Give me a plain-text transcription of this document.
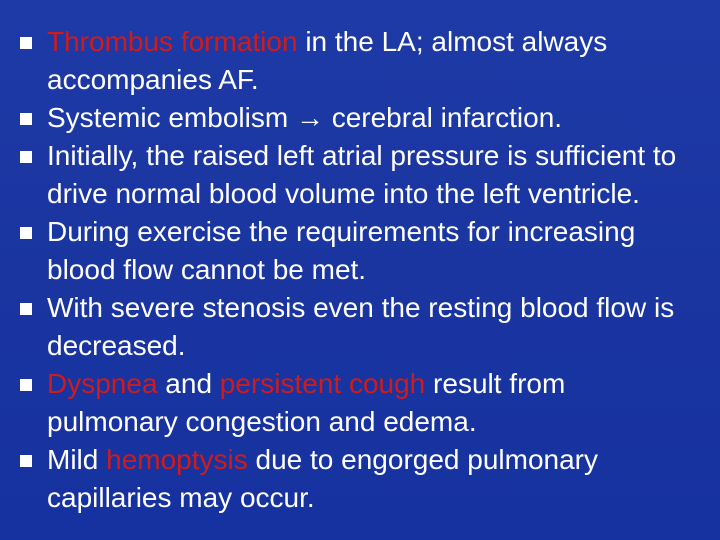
Thrombus formation in the LA; almost always accompanies AF.
Systemic embolism → cerebral infarction.
Initially, the raised left atrial pressure is sufficient to drive normal blood volume into the left ventricle.
During exercise the requirements for increasing blood flow cannot be met.
With severe stenosis even the resting blood flow is decreased.
Dyspnea and persistent cough result from pulmonary congestion and edema.
Mild hemoptysis due to engorged pulmonary capillaries may occur.
